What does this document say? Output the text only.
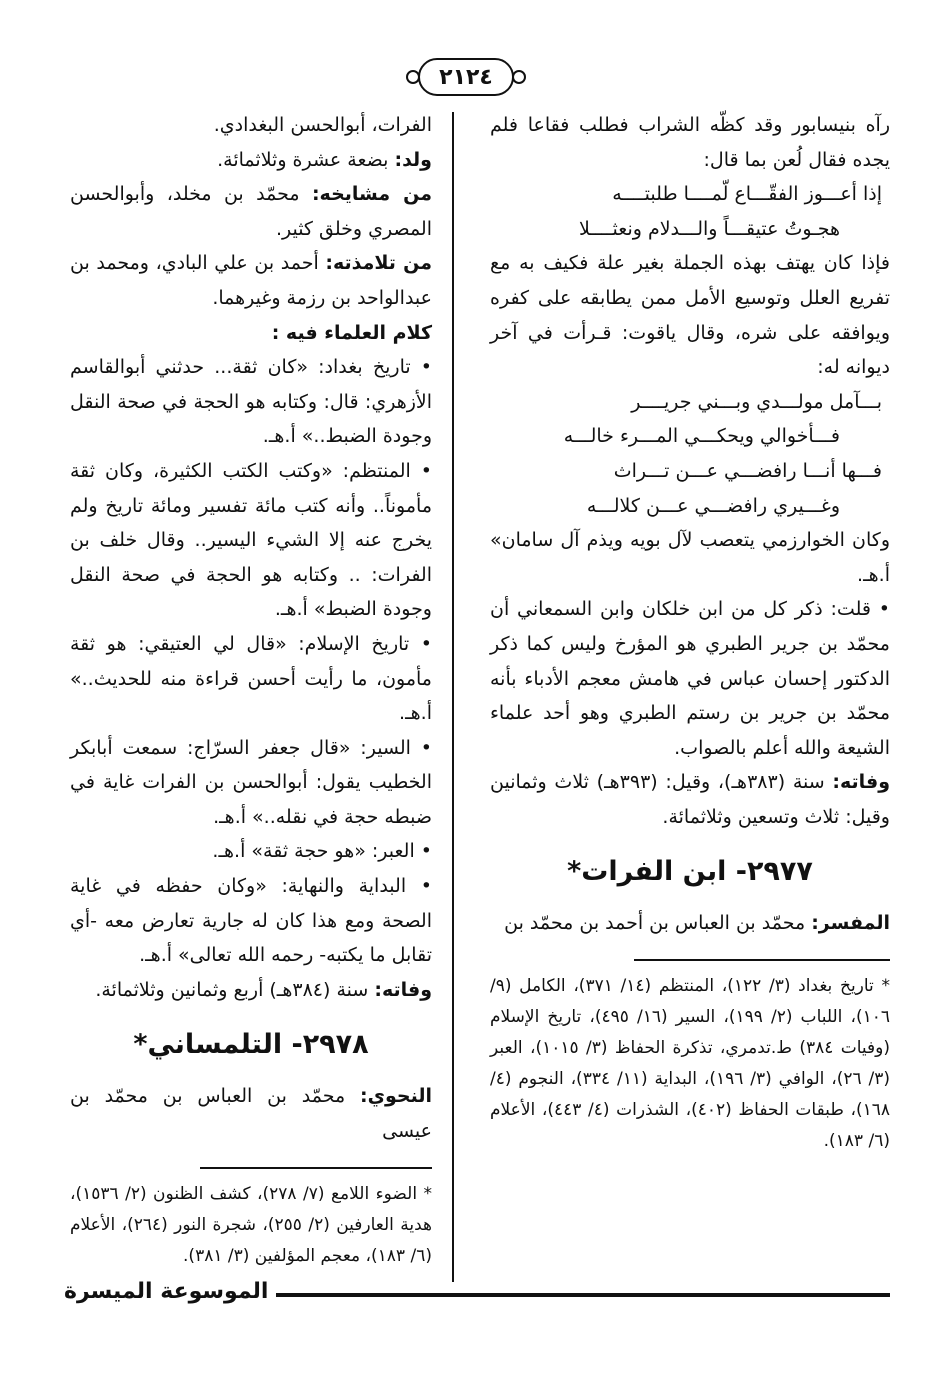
٢١٢٤

رآه بنيسابور وقد كظّه الشراب فطلب فقاعا فلم يجده فقال لُعن بما قال:

إذا أعـــوز الفقّـــاع لّمــــا طلبتــــه
هجـوتُ عتيقـــاً والـــدلام ونعثــــلا

فإذا كان يهتف بهذه الجملة بغير علة فكيف به مع تفريع العلل وتوسيع الأمل ممن يطابقه على كفره ويوافقه على شره، وقال ياقوت: قـرأت في آخر ديوانه له:

بـــآمل مولـــدي وبـــني جريــــر
فـــأخوالي ويحكـــي المـــرء خالـــه
فـــها أنـــا رافضـــي عـــن تـــراث
وغـــيري رافضـــي عـــن كلالـــه

وكان الخوارزمي يتعصب لآل بويه ويذم آل سامان» أ.هـ.

• قلت: ذكر كل من ابن خلكان وابن السمعاني أن محمّد بن جرير الطبري هو المؤرخ وليس كما ذكر الدكتور إحسان عباس في هامش معجم الأدباء بأنه محمّد بن جرير بن رستم الطبري وهو أحد علماء الشيعة والله أعلم بالصواب.

وفاته: سنة (٣٨٣هـ)، وقيل: (٣٩٣هـ) ثلاث وثمانين وقيل: ثلاث وتسعين وثلاثمائة.

٢٩٧٧- ابن الفرات*

المفسر: محمّد بن العباس بن أحمد بن محمّد بن

* تاريخ بغداد (٣/ ١٢٢)، المنتظم (١٤/ ٣٧١)، الكامل (٩/ ١٠٦)، اللباب (٢/ ١٩٩)، السير (١٦/ ٤٩٥)، تاريخ الإسلام (وفيات ٣٨٤) ط.تدمري، تذكرة الحفاظ (٣/ ١٠١٥)، العبر (٣/ ٢٦)، الوافي (٣/ ١٩٦)، البداية (١١/ ٣٣٤)، النجوم (٤/ ١٦٨)، طبقات الحفاظ (٤٠٢)، الشذرات (٤/ ٤٤٣)، الأعلام (٦/ ١٨٣).

الفرات، أبوالحسن البغدادي.

ولد: بضعة عشرة وثلاثمائة.

من مشايخه: محمّد بن مخلد، وأبوالحسن المصري وخلق كثير.

من تلامذته: أحمد بن علي البادي، ومحمد بن عبدالواحد بن رزمة وغيرهما.

كلام العلماء فيه :

• تاريخ بغداد: «كان ثقة... حدثني أبوالقاسم الأزهري: قال: وكتابه هو الحجة في صحة النقل وجودة الضبط..» أ.هـ.

• المنتظم: «وكتب الكتب الكثيرة، وكان ثقة مأموناً.. وأنه كتب مائة تفسير ومائة تاريخ ولم يخرج عنه إلا الشيء اليسير.. وقال خلف بن الفرات: .. وكتابه هو الحجة في صحة النقل وجودة الضبط» أ.هـ.

• تاريخ الإسلام: «قال لي العتيقي: هو ثقة مأمون، ما رأيت أحسن قراءة منه للحديث..» أ.هـ.

• السير: «قال جعفر السرّاج: سمعت أبابكر الخطيب يقول: أبوالحسن بن الفرات غاية في ضبطه حجة في نقله..» أ.هـ.

• العبر: «هو حجة ثقة» أ.هـ.

• البداية والنهاية: «وكان حفظه في غاية الصحة ومع هذا كان له جارية تعارض معه -أي تقابل ما يكتبه- رحمه الله تعالى» أ.هـ.

وفاته: سنة (٣٨٤هـ) أربع وثمانين وثلاثمائة.

٢٩٧٨- التلمساني*

النحوي: محمّد بن العباس بن محمّد بن عيسى

* الضوء اللامع (٧/ ٢٧٨)، كشف الظنون (٢/ ١٥٣٦)، هدية العارفين (٢/ ٢٥٥)، شجرة النور (٢٦٤)، الأعلام (٦/ ١٨٣)، معجم المؤلفين (٣/ ٣٨١).

الموسوعة الميسرة
